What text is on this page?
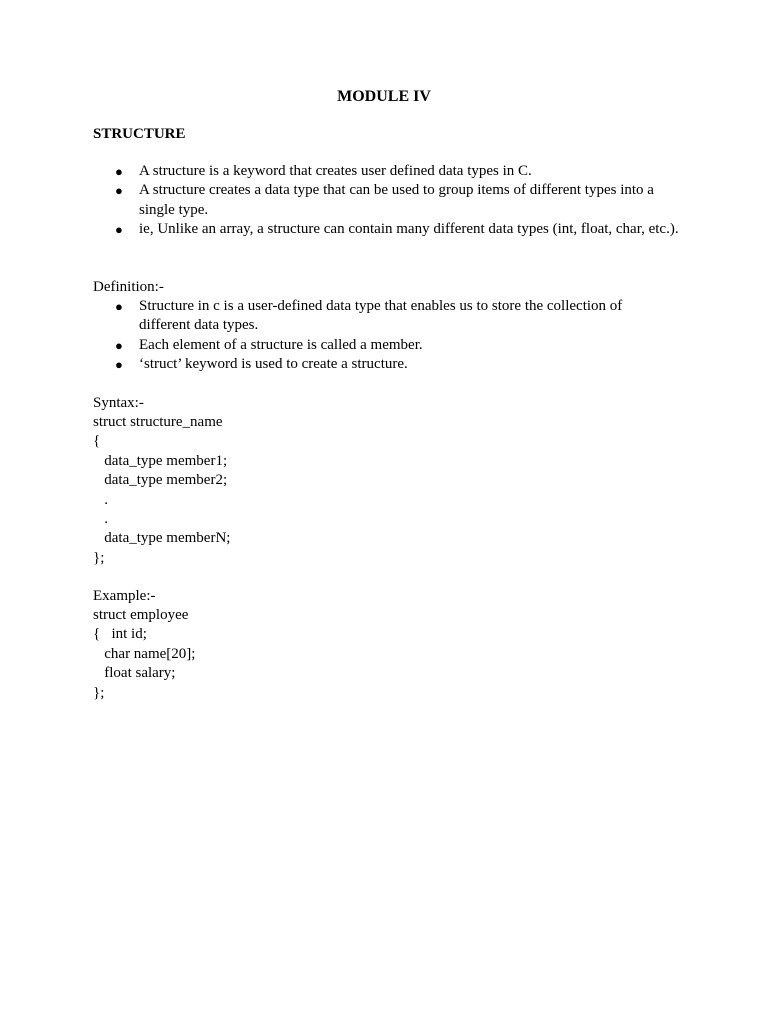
MODULE IV
STRUCTURE
● A structure is a keyword that creates user defined data types in C.
● A structure creates a data type that can be used to group items of different types into a single type.
● ie, Unlike an array, a structure can contain many different data types (int, float, char, etc.).

Definition:-

● Structure in c is a user-defined data type that enables us to store the collection of different data types.
● Each element of a structure is called a member.
● ‘struct’ keyword is used to create a structure.

Syntax:-

struct structure_name
{
data_type member1;
data_type member2;
.
.
data_type memberN;
};

Example:-

struct employee
{   int id;
char name[20];
float salary;
};
